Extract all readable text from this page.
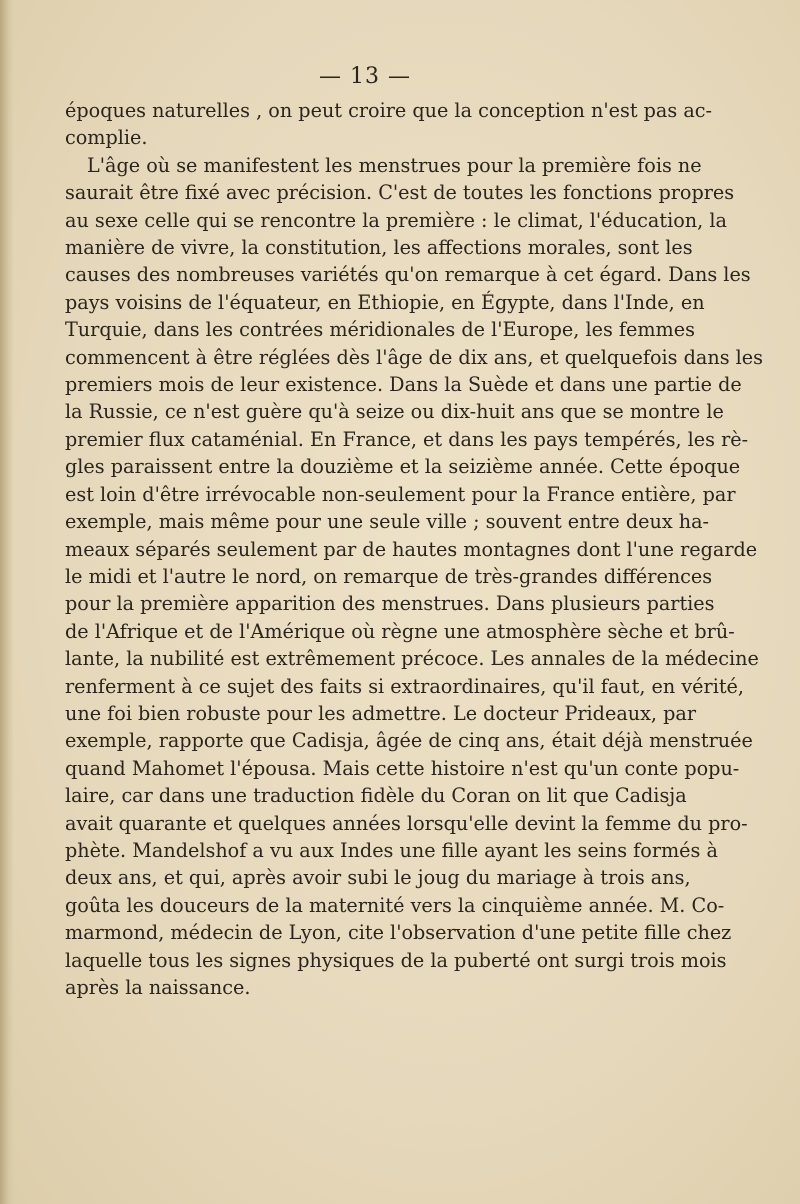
— 13 —
époques naturelles , on peut croire que la conception n'est pas ac-
complie.
L'âge où se manifestent les menstrues pour la première fois ne
saurait être fixé avec précision. C'est de toutes les fonctions propres
au sexe celle qui se rencontre la première : le climat, l'éducation, la
manière de vivre, la constitution, les affections morales, sont les
causes des nombreuses variétés qu'on remarque à cet égard. Dans les
pays voisins de l'équateur, en Ethiopie, en Égypte, dans l'Inde, en
Turquie, dans les contrées méridionales de l'Europe, les femmes
commencent à être réglées dès l'âge de dix ans, et quelquefois dans les
premiers mois de leur existence. Dans la Suède et dans une partie de
la Russie, ce n'est guère qu'à seize ou dix-huit ans que se montre le
premier flux cataménial. En France, et dans les pays tempérés, les rè-
gles paraissent entre la douzième et la seizième année. Cette époque
est loin d'être irrévocable non-seulement pour la France entière, par
exemple, mais même pour une seule ville ; souvent entre deux ha-
meaux séparés seulement par de hautes montagnes dont l'une regarde
le midi et l'autre le nord, on remarque de très-grandes différences
pour la première apparition des menstrues. Dans plusieurs parties
de l'Afrique et de l'Amérique où règne une atmosphère sèche et brû-
lante, la nubilité est extrêmement précoce. Les annales de la médecine
renferment à ce sujet des faits si extraordinaires, qu'il faut, en vérité,
une foi bien robuste pour les admettre. Le docteur Prideaux, par
exemple, rapporte que Cadisja, âgée de cinq ans, était déjà menstruée
quand Mahomet l'épousa. Mais cette histoire n'est qu'un conte popu-
laire, car dans une traduction fidèle du Coran on lit que Cadisja
avait quarante et quelques années lorsqu'elle devint la femme du pro-
phète. Mandelshof a vu aux Indes une fille ayant les seins formés à
deux ans, et qui, après avoir subi le joug du mariage à trois ans,
goûta les douceurs de la maternité vers la cinquième année. M. Co-
marmond, médecin de Lyon, cite l'observation d'une petite fille chez
laquelle tous les signes physiques de la puberté ont surgi trois mois
après la naissance.
